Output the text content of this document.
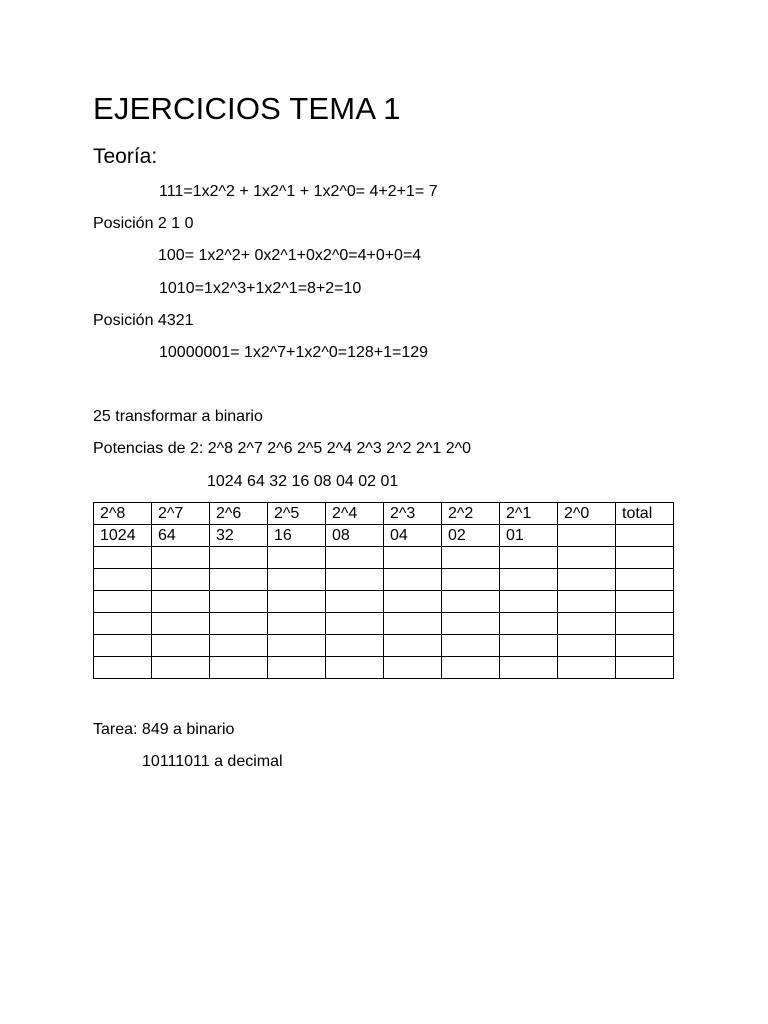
EJERCICIOS TEMA 1
Teoría:
111=1x2^2 + 1x2^1 + 1x2^0= 4+2+1= 7
Posición 2 1 0
100= 1x2^2+ 0x2^1+0x2^0=4+0+0=4
1010=1x2^3+1x2^1=8+2=10
Posición 4321
10000001= 1x2^7+1x2^0=128+1=129
25 transformar a binario
Potencias de 2: 2^8 2^7 2^6 2^5 2^4 2^3 2^2 2^1 2^0
1024 64 32 16 08 04 02 01
2^8	2^7	2^6	2^5	2^4	2^3	2^2	2^1	2^0	total
1024	64	32	16	08	04	02	01		

Tarea: 849 a binario
10111011 a decimal
